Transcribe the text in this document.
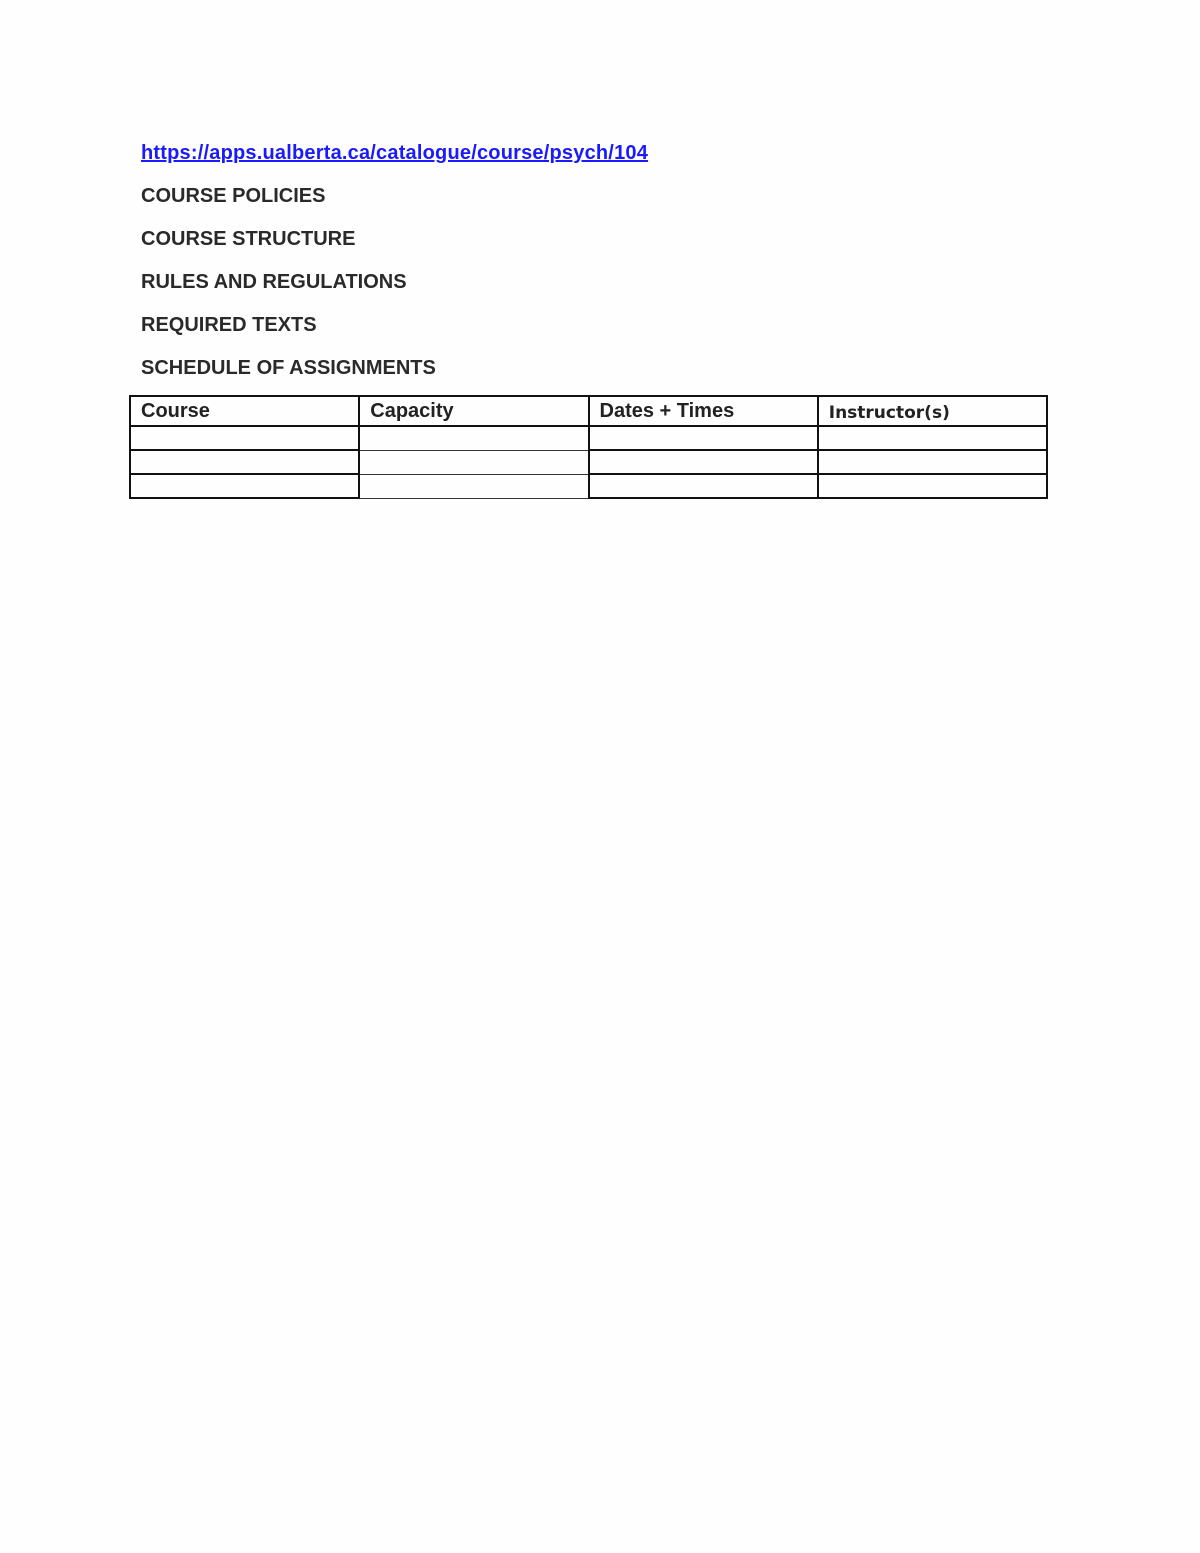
https://apps.ualberta.ca/catalogue/course/psych/104
COURSE POLICIES
COURSE STRUCTURE
RULES AND REGULATIONS
REQUIRED TEXTS
SCHEDULE OF ASSIGNMENTS
Course	Capacity	Dates + Times	Instructor(s)
